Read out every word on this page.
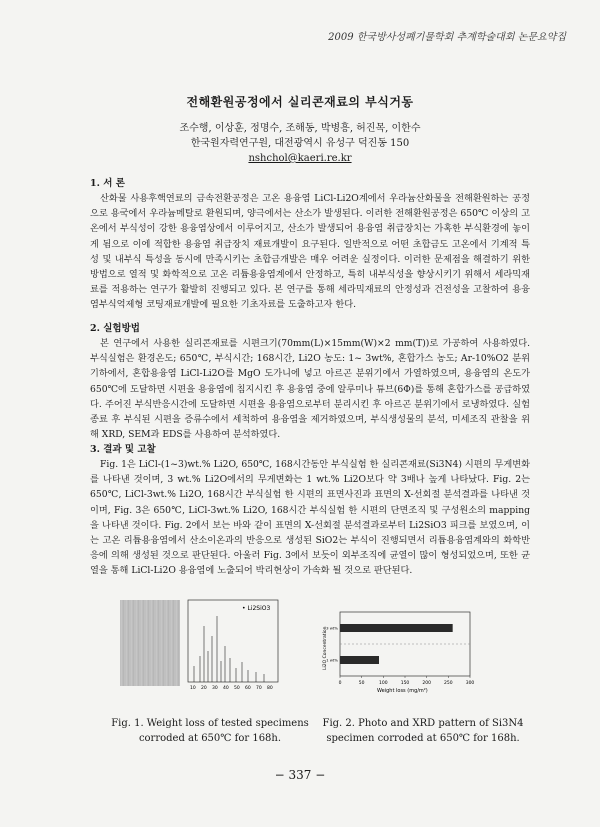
2009 한국방사성폐기물학회 추계학술대회 논문요약집
전해환원공정에서 실리콘재료의 부식거동
조수행, 이상훈, 정명수, 조해동, 박병흥, 허진목, 이한수
한국원자력연구원, 대전광역시 유성구 덕진동 150
nshchol@kaeri.re.kr
1. 서 론

산화물 사용후핵연료의 금속전환공정은 고온 용융염 LiCl-Li2O계에서 우라늄산화물을 전해환원하는 공정으로 용국에서 우라늄메탈로 환원되며, 양극에서는 산소가 발생된다. 이러한 전해환원공정은 650℃ 이상의 고온에서 부식성이 강한 용융염상에서 이루어지고, 산소가 발생되어 용융염 취급장치는 가혹한 부식환경에 놓이게 됨으로 이에 적합한 용융염 취급장치 재료개발이 요구된다. 일반적으로 어떤 초합금도 고온에서 기계적 특성 및 내부식 특성을 동시에 만족시키는 초합금개발은 매우 어려운 실정이다. 이러한 문제점을 해결하기 위한 방법으로 열적 및 화학적으로 고온 리튬용융염계에서 안정하고, 특히 내부식성을 향상시키기 위해서 세라믹재료를 적용하는 연구가 활발히 진행되고 있다. 본 연구를 통해 세라믹재료의 안정성과 건전성을 고찰하여 용융염부식억제형 코팅재료개발에 필요한 기초자료를 도출하고자 한다.

2. 실험방법

본 연구에서 사용한 실리콘재료를 시편크기(70mm(L)×15mm(W)×2 mm(T))로 가공하여 사용하였다. 부식실험은 환경온도; 650℃, 부식시간; 168시간, Li2O 농도: 1~ 3wt%, 혼합가스 농도; Ar-10%O2 분위기하에서, 혼합용융염 LiCl-Li2O를 MgO 도가니에 넣고 아르곤 분위기에서 가열하였으며, 용융염의 온도가 650℃에 도달하면 시편을 용융염에 침지시킨 후 용융염 중에 알루미나 튜브(6Φ)를 통해 혼합가스를 공급하였다. 주어진 부식반응시간에 도달하면 시편을 용융염으로부터 분리시킨 후 아르곤 분위기에서 로냉하였다. 실험 종료 후 부식된 시편을 증류수에서 세척하여 용융염을 제거하였으며, 부식생성물의 분석, 미세조직 관찰을 위해 XRD, SEM과 EDS를 사용하여 분석하였다.

3. 결과 및 고찰

Fig. 1은 LiCl-(1~3)wt.% Li2O, 650℃, 168시간동안 부식실험 한 실리콘재료(Si3N4) 시편의 무게변화를 나타낸 것이며, 3 wt.% Li2O에서의 무게변화는 1 wt.% Li2O보다 약 3배나 높게 나타났다. Fig. 2는 650℃, LiCl-3wt.% Li2O, 168시간 부식실험 한 시편의 표면사진과 표면의 X-선회절 분석결과를 나타낸 것이며, Fig. 3은 650℃, LiCl-3wt.% Li2O, 168시간 부식실험 한 시편의 단면조직 및 구성원소의 mapping을 나타낸 것이다. Fig. 2에서 보는 바와 같이 표면의 X-선회절 분석결과로부터 Li2SiO3 피크를 보였으며, 이는 고온 리튬용융염에서 산소이온과의 반응으로 생성된 SiO2는 부식이 진행되면서 리튬용융염계와의 화학반응에 의해 생성된 것으로 판단된다. 아울러 Fig. 3에서 보듯이 외부조직에 균열이 많이 형성되었으며, 또한 균열을 통해 LiCl-Li2O 용융염에 노출되어 박리현상이 가속화 될 것으로 판단된다.

• Li2SiO3
10 20 30 40 50 60 70 80
Li2O Concentration
Weight loss (mg/m²)
3 wt%
1 wt%
0	50	100	150	200	250	300
Fig. 1. Weight loss of tested specimens corroded at 650℃ for 168h.
Fig. 2. Photo and XRD pattern of Si3N4 specimen corroded at 650℃ for 168h.
− 337 −
